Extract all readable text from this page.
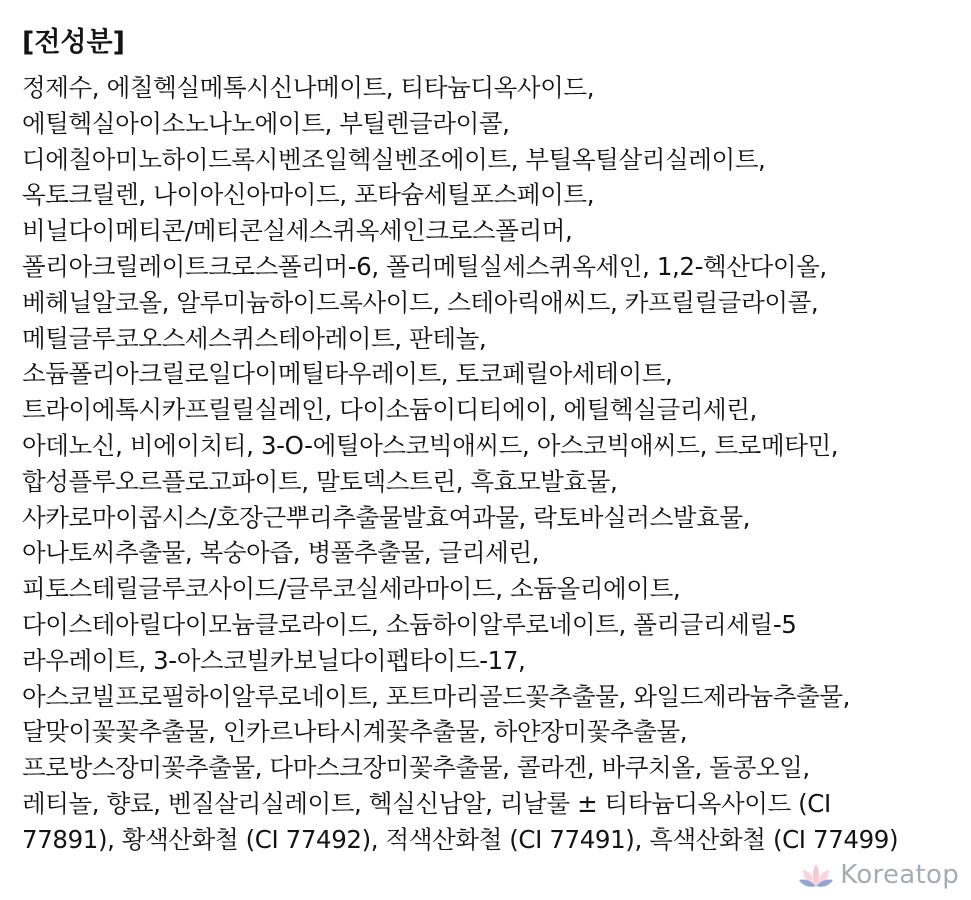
[전성분]
정제수, 에칠헥실메톡시신나메이트, 티타늄디옥사이드,
에틸헥실아이소노나노에이트, 부틸렌글라이콜,
디에칠아미노하이드록시벤조일헥실벤조에이트, 부틸옥틸살리실레이트,
옥토크릴렌, 나이아신아마이드, 포타슘세틸포스페이트,
비닐다이메티콘/메티콘실세스퀴옥세인크로스폴리머,
폴리아크릴레이트크로스폴리머-6, 폴리메틸실세스퀴옥세인, 1,2-헥산다이올,
베헤닐알코올, 알루미늄하이드록사이드, 스테아릭애씨드, 카프릴릴글라이콜,
메틸글루코오스세스퀴스테아레이트, 판테놀,
소듐폴리아크릴로일다이메틸타우레이트, 토코페릴아세테이트,
트라이에톡시카프릴릴실레인, 다이소듐이디티에이, 에틸헥실글리세린,
아데노신, 비에이치티, 3-O-에틸아스코빅애씨드, 아스코빅애씨드, 트로메타민,
합성플루오르플로고파이트, 말토덱스트린, 흑효모발효물,
사카로마이콥시스/호장근뿌리추출물발효여과물, 락토바실러스발효물,
아나토씨추출물, 복숭아즙, 병풀추출물, 글리세린,
피토스테릴글루코사이드/글루코실세라마이드, 소듐올리에이트,
다이스테아릴다이모늄클로라이드, 소듐하이알루로네이트, 폴리글리세릴-5
라우레이트, 3-아스코빌카보닐다이펩타이드-17,
아스코빌프로필하이알루로네이트, 포트마리골드꽃추출물, 와일드제라늄추출물,
달맞이꽃꽃추출물, 인카르나타시계꽃추출물, 하얀장미꽃추출물,
프로방스장미꽃추출물, 다마스크장미꽃추출물, 콜라겐, 바쿠치올, 돌콩오일,
레티놀, 향료, 벤질살리실레이트, 헥실신남알, 리날룰 ± 티타늄디옥사이드 (CI
77891), 황색산화철 (CI 77492), 적색산화철 (CI 77491), 흑색산화철 (CI 77499)
Koreatop
